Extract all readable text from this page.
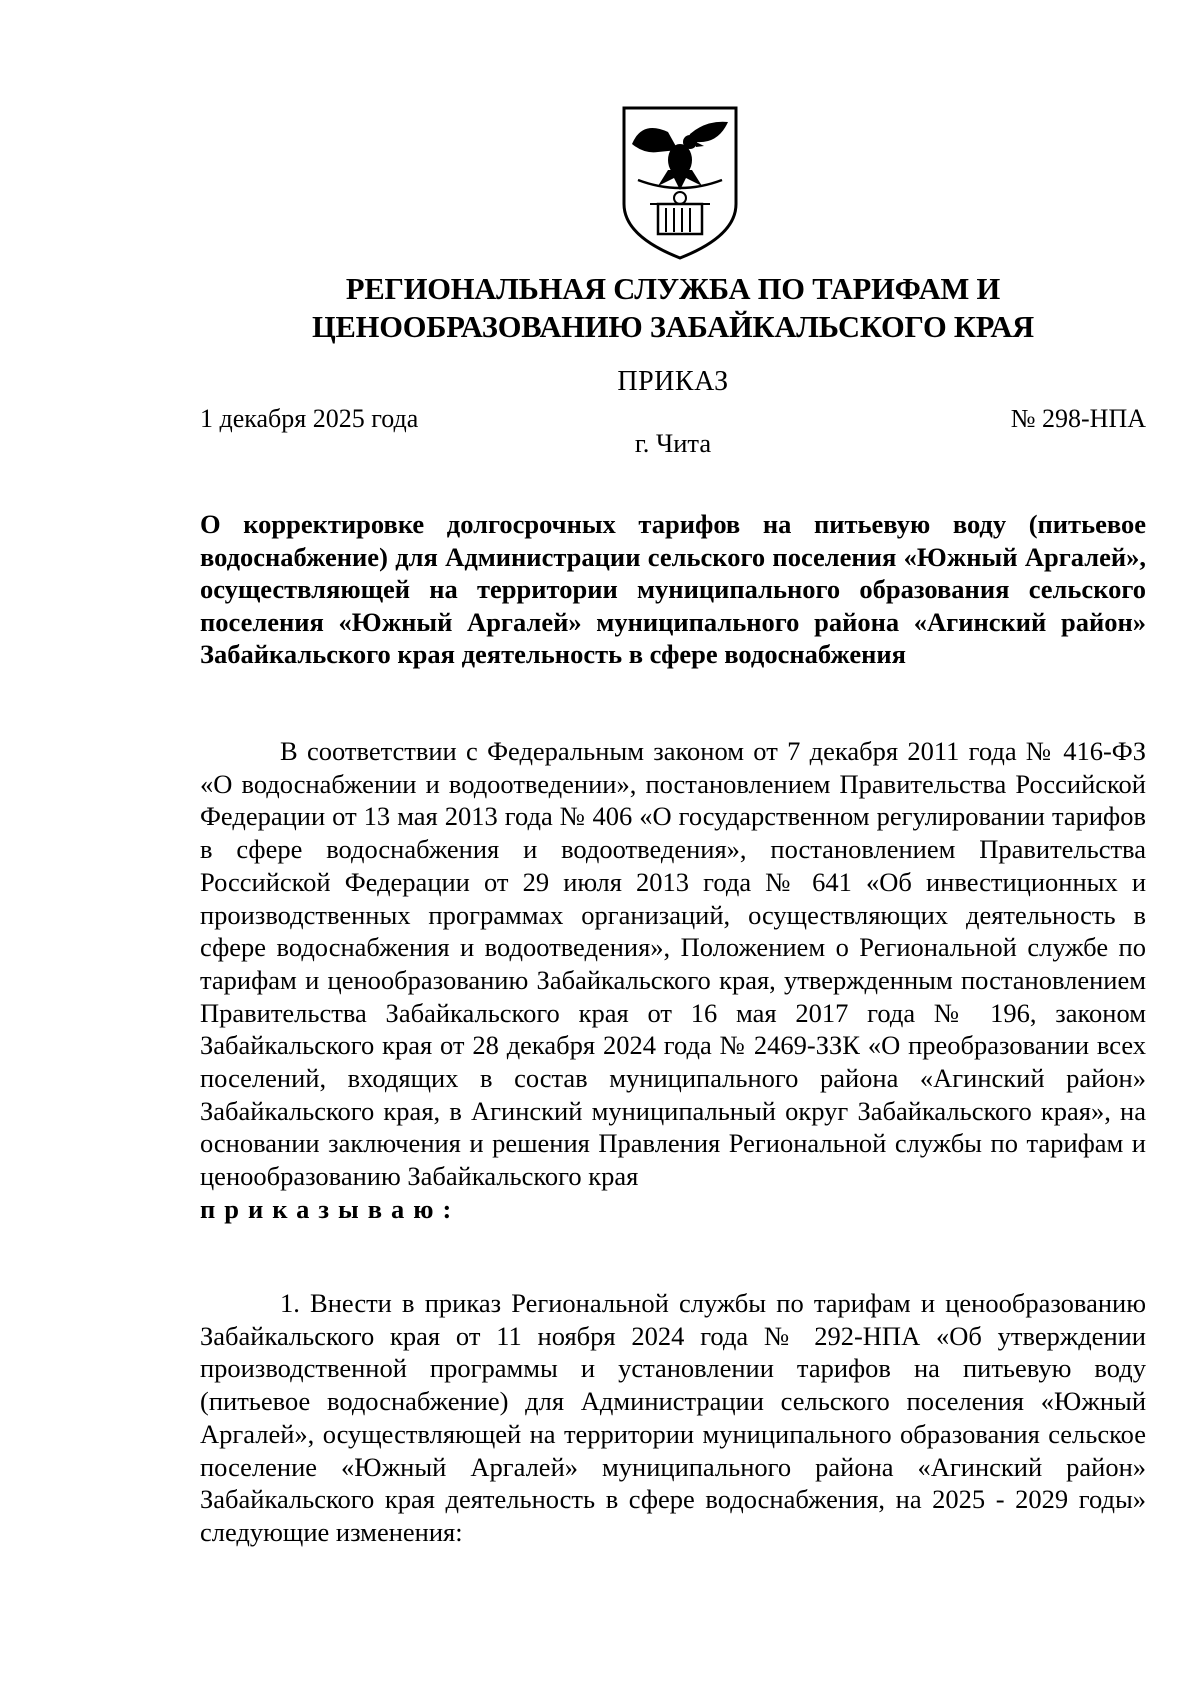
РЕГИОНАЛЬНАЯ СЛУЖБА ПО ТАРИФАМ И
ЦЕНООБРАЗОВАНИЮ ЗАБАЙКАЛЬСКОГО КРАЯ
ПРИКАЗ
1 декабря 2025 года	№ 298-НПА
г. Чита
О корректировке долгосрочных тарифов на питьевую воду (питьевое водоснабжение) для Администрации сельского поселения «Южный Аргалей», осуществляющей на территории муниципального образования сельского поселения «Южный Аргалей» муниципального района «Агинский район» Забайкальского края деятельность в сфере водоснабжения
В соответствии с Федеральным законом от 7 декабря 2011 года № 416-ФЗ «О водоснабжении и водоотведении», постановлением Правительства Российской Федерации от 13 мая 2013 года № 406 «О государственном регулировании тарифов в сфере водоснабжения и водоотведения», постановлением Правительства Российской Федерации от 29 июля 2013 года № 641 «Об инвестиционных и производственных программах организаций, осуществляющих деятельность в сфере водоснабжения и водоотведения», Положением о Региональной службе по тарифам и ценообразованию Забайкальского края, утвержденным постановлением Правительства Забайкальского края от 16 мая 2017 года № 196, законом Забайкальского края от 28 декабря 2024 года № 2469-ЗЗК «О преобразовании всех поселений, входящих в состав муниципального района «Агинский район» Забайкальского края, в Агинский муниципальный округ Забайкальского края», на основании заключения и решения Правления Региональной службы по тарифам и ценообразованию Забайкальского края
приказываю:
1. Внести в приказ Региональной службы по тарифам и ценообразованию Забайкальского края от 11 ноября 2024 года № 292-НПА «Об утверждении производственной программы и установлении тарифов на питьевую воду (питьевое водоснабжение) для Администрации сельского поселения «Южный Аргалей», осуществляющей на территории муниципального образования сельское поселение «Южный Аргалей» муниципального района «Агинский район» Забайкальского края деятельность в сфере водоснабжения, на 2025 - 2029 годы» следующие изменения:
